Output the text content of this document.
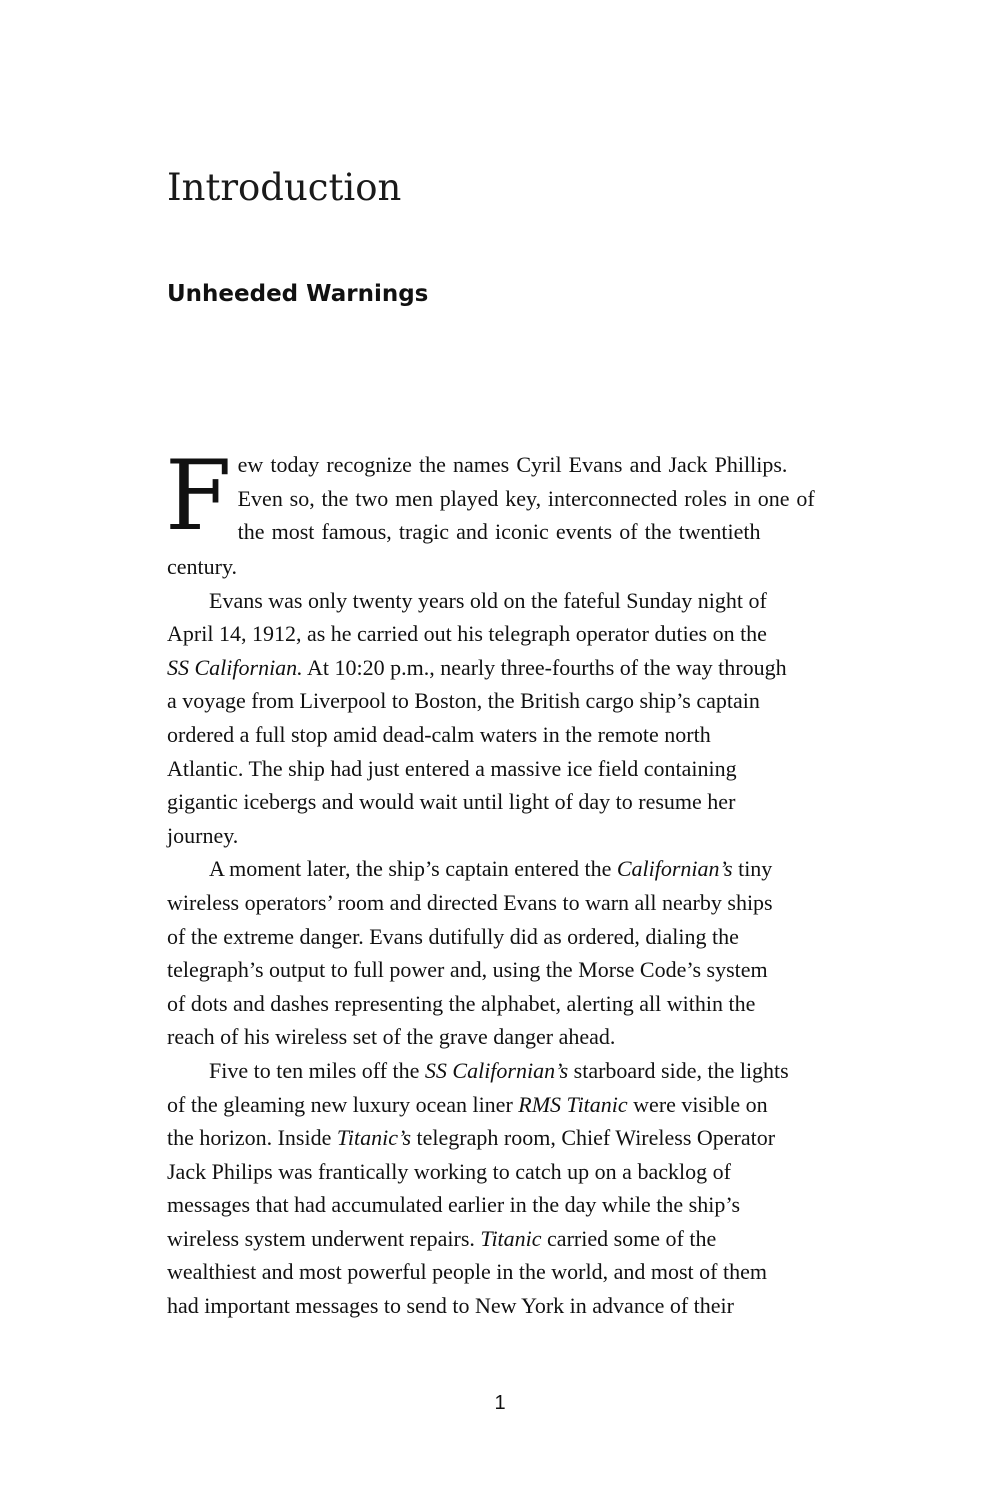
Introduction
Unheeded Warnings
F ew today recognize the names Cyril Evans and Jack Phillips.
Even so, the two men played key, interconnected roles in one of
the most famous, tragic and iconic events of the twentieth
century.
Evans was only twenty years old on the fateful Sunday night of
April 14, 1912, as he carried out his telegraph operator duties on the
SS Californian. At 10:20 p.m., nearly three-fourths of the way through
a voyage from Liverpool to Boston, the British cargo ship’s captain
ordered a full stop amid dead-calm waters in the remote north
Atlantic. The ship had just entered a massive ice field containing
gigantic icebergs and would wait until light of day to resume her
journey.
A moment later, the ship’s captain entered the Californian’s tiny
wireless operators’ room and directed Evans to warn all nearby ships
of the extreme danger. Evans dutifully did as ordered, dialing the
telegraph’s output to full power and, using the Morse Code’s system
of dots and dashes representing the alphabet, alerting all within the
reach of his wireless set of the grave danger ahead.
Five to ten miles off the SS Californian’s starboard side, the lights
of the gleaming new luxury ocean liner RMS Titanic were visible on
the horizon. Inside Titanic’s telegraph room, Chief Wireless Operator
Jack Philips was frantically working to catch up on a backlog of
messages that had accumulated earlier in the day while the ship’s
wireless system underwent repairs. Titanic carried some of the
wealthiest and most powerful people in the world, and most of them
had important messages to send to New York in advance of their
1
